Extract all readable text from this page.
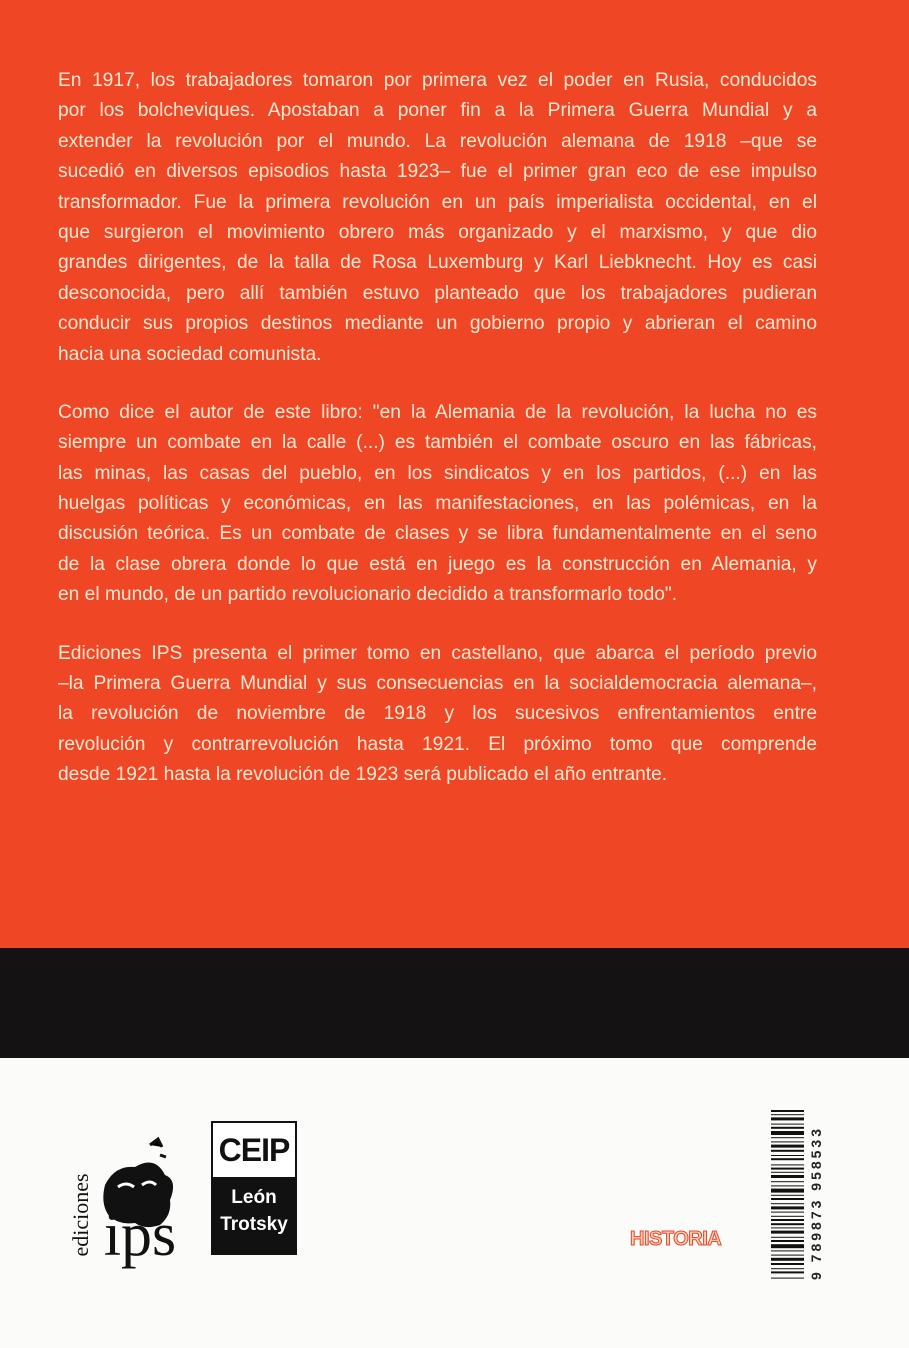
En 1917, los trabajadores tomaron por primera vez el poder en Rusia, conducidos
por los bolcheviques. Apostaban a poner fin a la Primera Guerra Mundial y a
extender la revolución por el mundo. La revolución alemana de 1918 –que se
sucedió en diversos episodios hasta 1923– fue el primer gran eco de ese impulso
transformador. Fue la primera revolución en un país imperialista occidental, en el
que surgieron el movimiento obrero más organizado y el marxismo, y que dio
grandes dirigentes, de la talla de Rosa Luxemburg y Karl Liebknecht. Hoy es casi
desconocida, pero allí también estuvo planteado que los trabajadores pudieran
conducir sus propios destinos mediante un gobierno propio y abrieran el camino
hacia una sociedad comunista.
Como dice el autor de este libro: "en la Alemania de la revolución, la lucha no es
siempre un combate en la calle (...) es también el combate oscuro en las fábricas,
las minas, las casas del pueblo, en los sindicatos y en los partidos, (...) en las
huelgas políticas y económicas, en las manifestaciones, en las polémicas, en la
discusión teórica. Es un combate de clases y se libra fundamentalmente en el seno
de la clase obrera donde lo que está en juego es la construcción en Alemania, y
en el mundo, de un partido revolucionario decidido a transformarlo todo".
Ediciones IPS presenta el primer tomo en castellano, que abarca el período previo
–la Primera Guerra Mundial y sus consecuencias en la socialdemocracia alemana–,
la revolución de noviembre de 1918 y los sucesivos enfrentamientos entre
revolución y contrarrevolución hasta 1921. El próximo tomo que comprende
desde 1921 hasta la revolución de 1923 será publicado el año entrante.
ediciones ips
CEIP
León
Trotsky
HISTORIA	9 789873 958533
